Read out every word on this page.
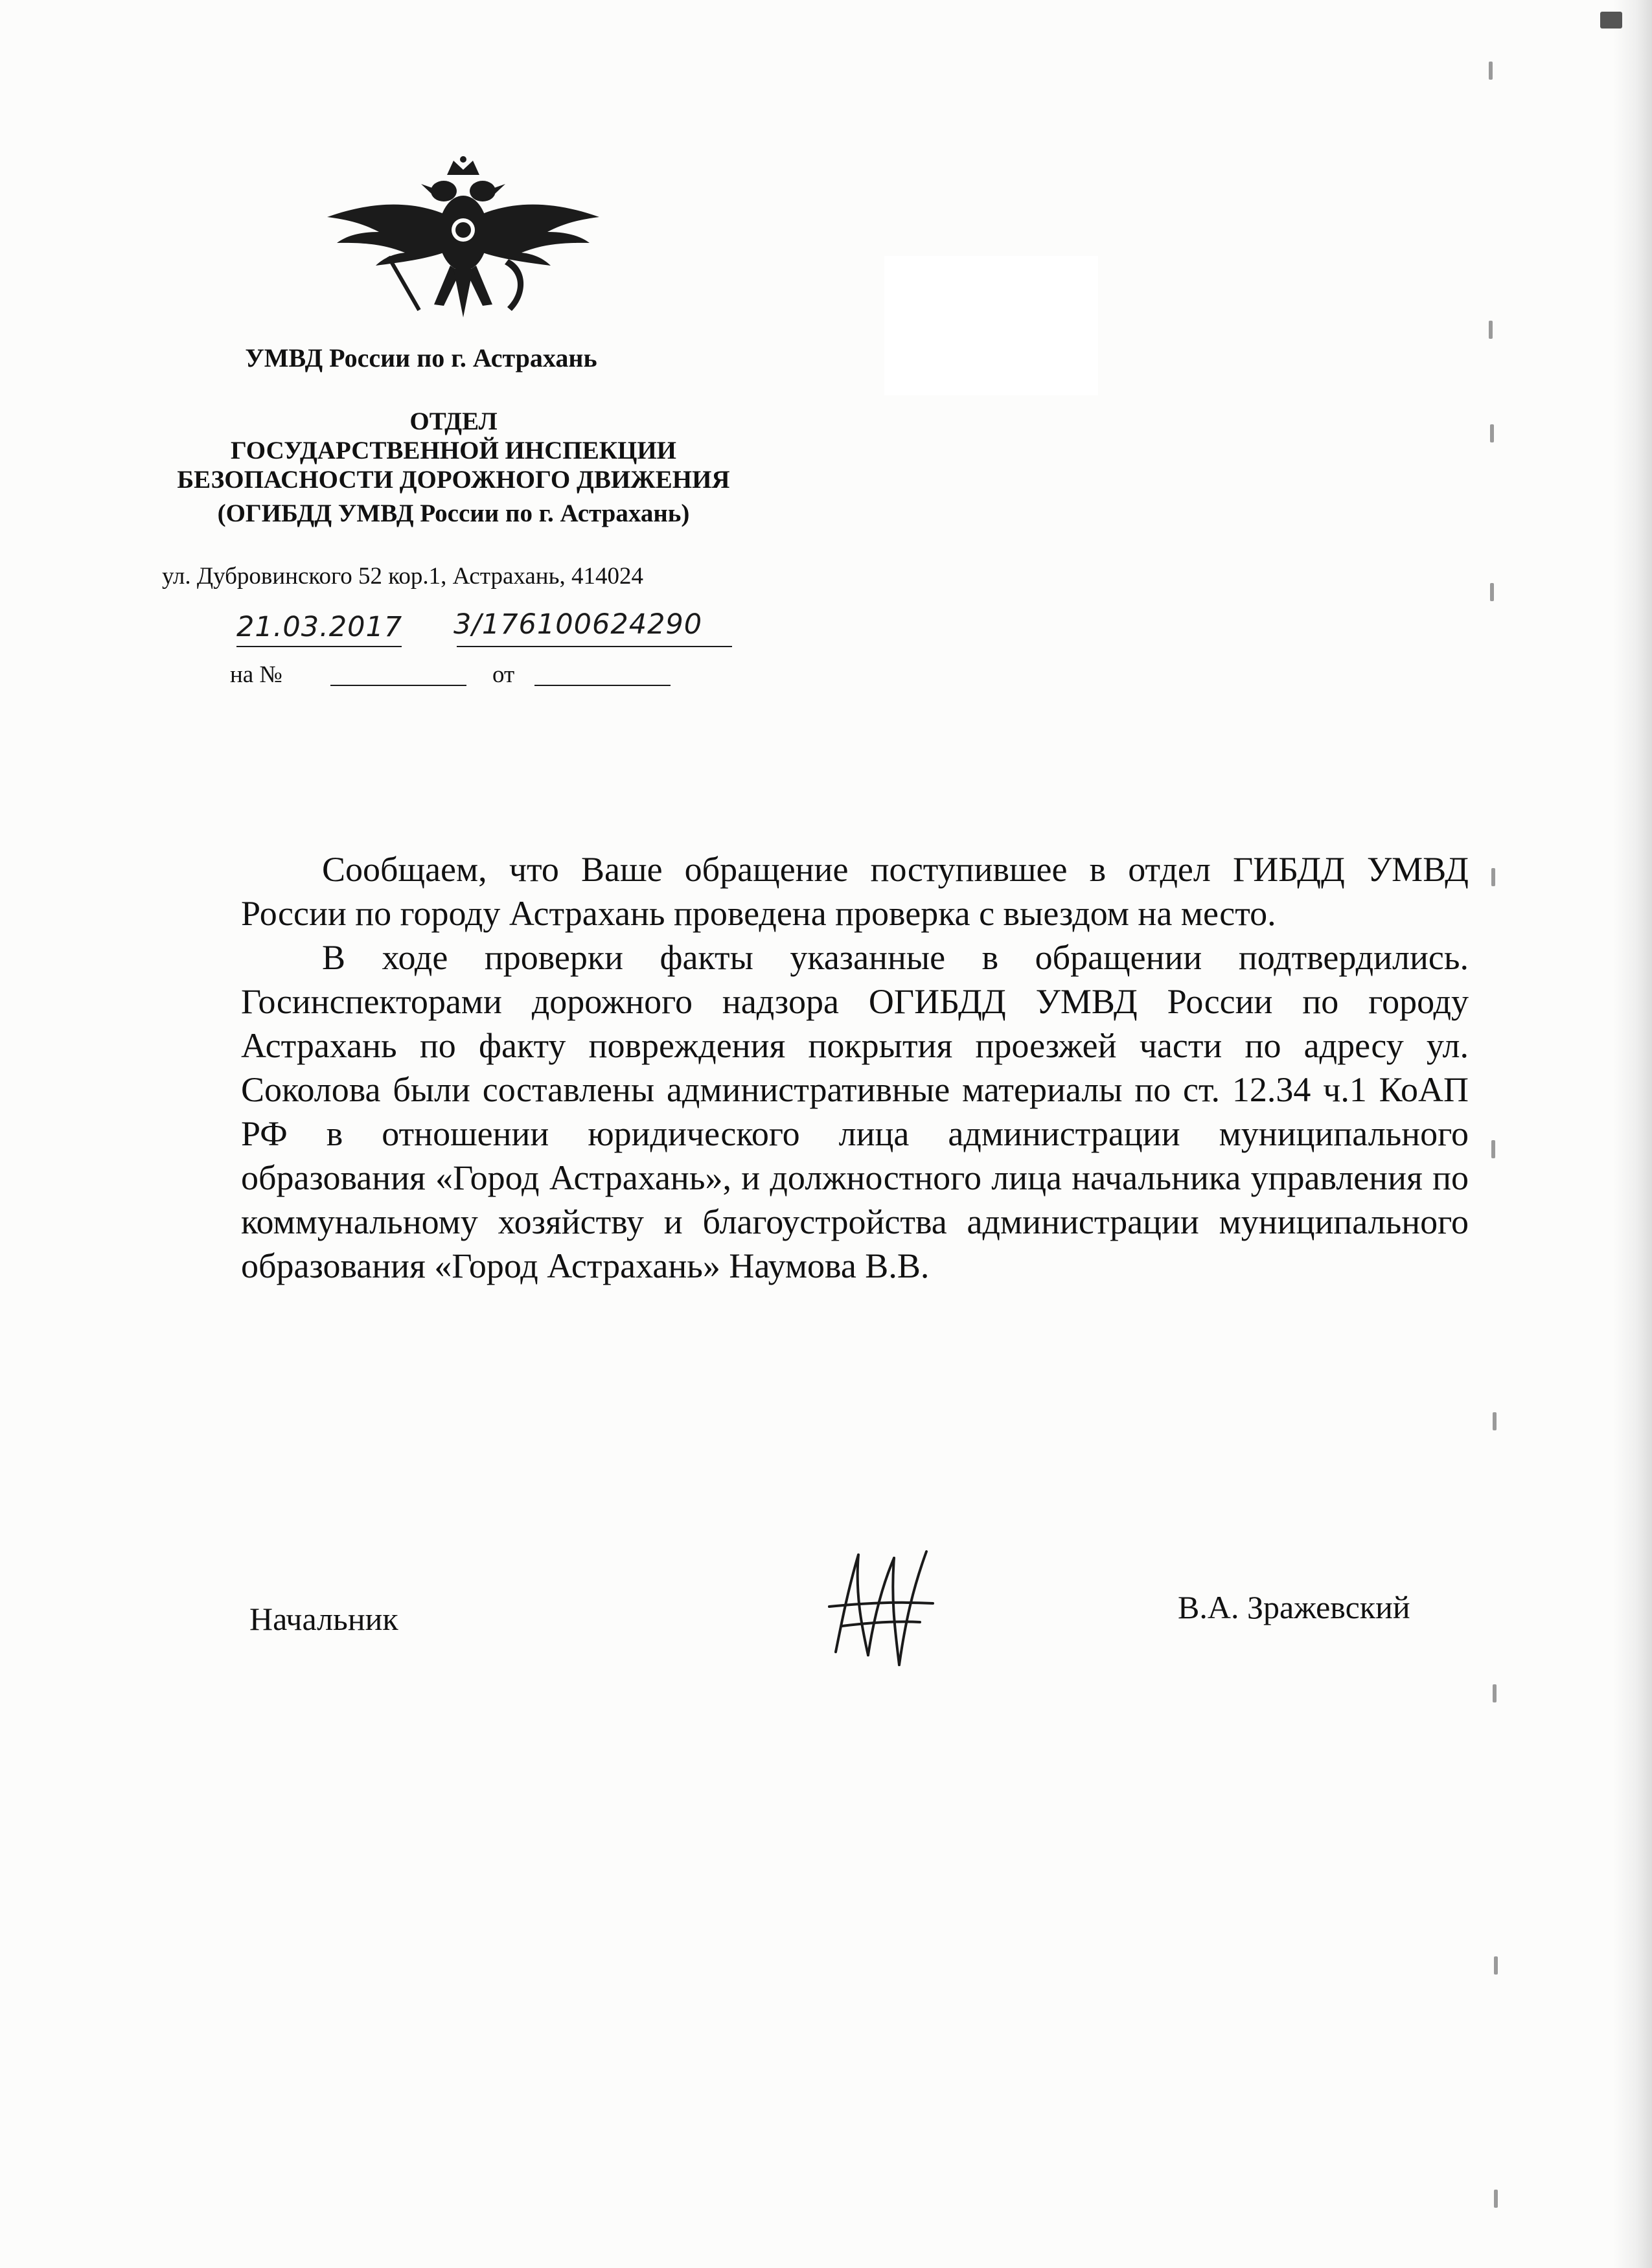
УМВД России по г. Астрахань

ОТДЕЛ

ГОСУДАРСТВЕННОЙ ИНСПЕКЦИИ

БЕЗОПАСНОСТИ ДОРОЖНОГО ДВИЖЕНИЯ

(ОГИБДД УМВД России по г. Астрахань)

ул. Дубровинского 52 кор.1, Астрахань, 414024
21.03.2017 3/176100624290
на №	от

Сообщаем, что Ваше обращение поступившее в отдел ГИБДД УМВД России по городу Астрахань проведена проверка с выездом на место.

В ходе проверки факты указанные в обращении подтвердились. Госинспекторами дорожного надзора ОГИБДД УМВД России по городу Астрахань по факту повреждения покрытия проезжей части по адресу ул. Соколова были составлены административные материалы по ст. 12.34 ч.1 КоАП РФ в отношении юридического лица администрации муниципального образования «Город Астрахань», и должностного лица начальника управления по коммунальному хозяйству и благоустройства администрации муниципального образования «Город Астрахань» Наумова В.В.

Начальник	В.А. Зражевский
